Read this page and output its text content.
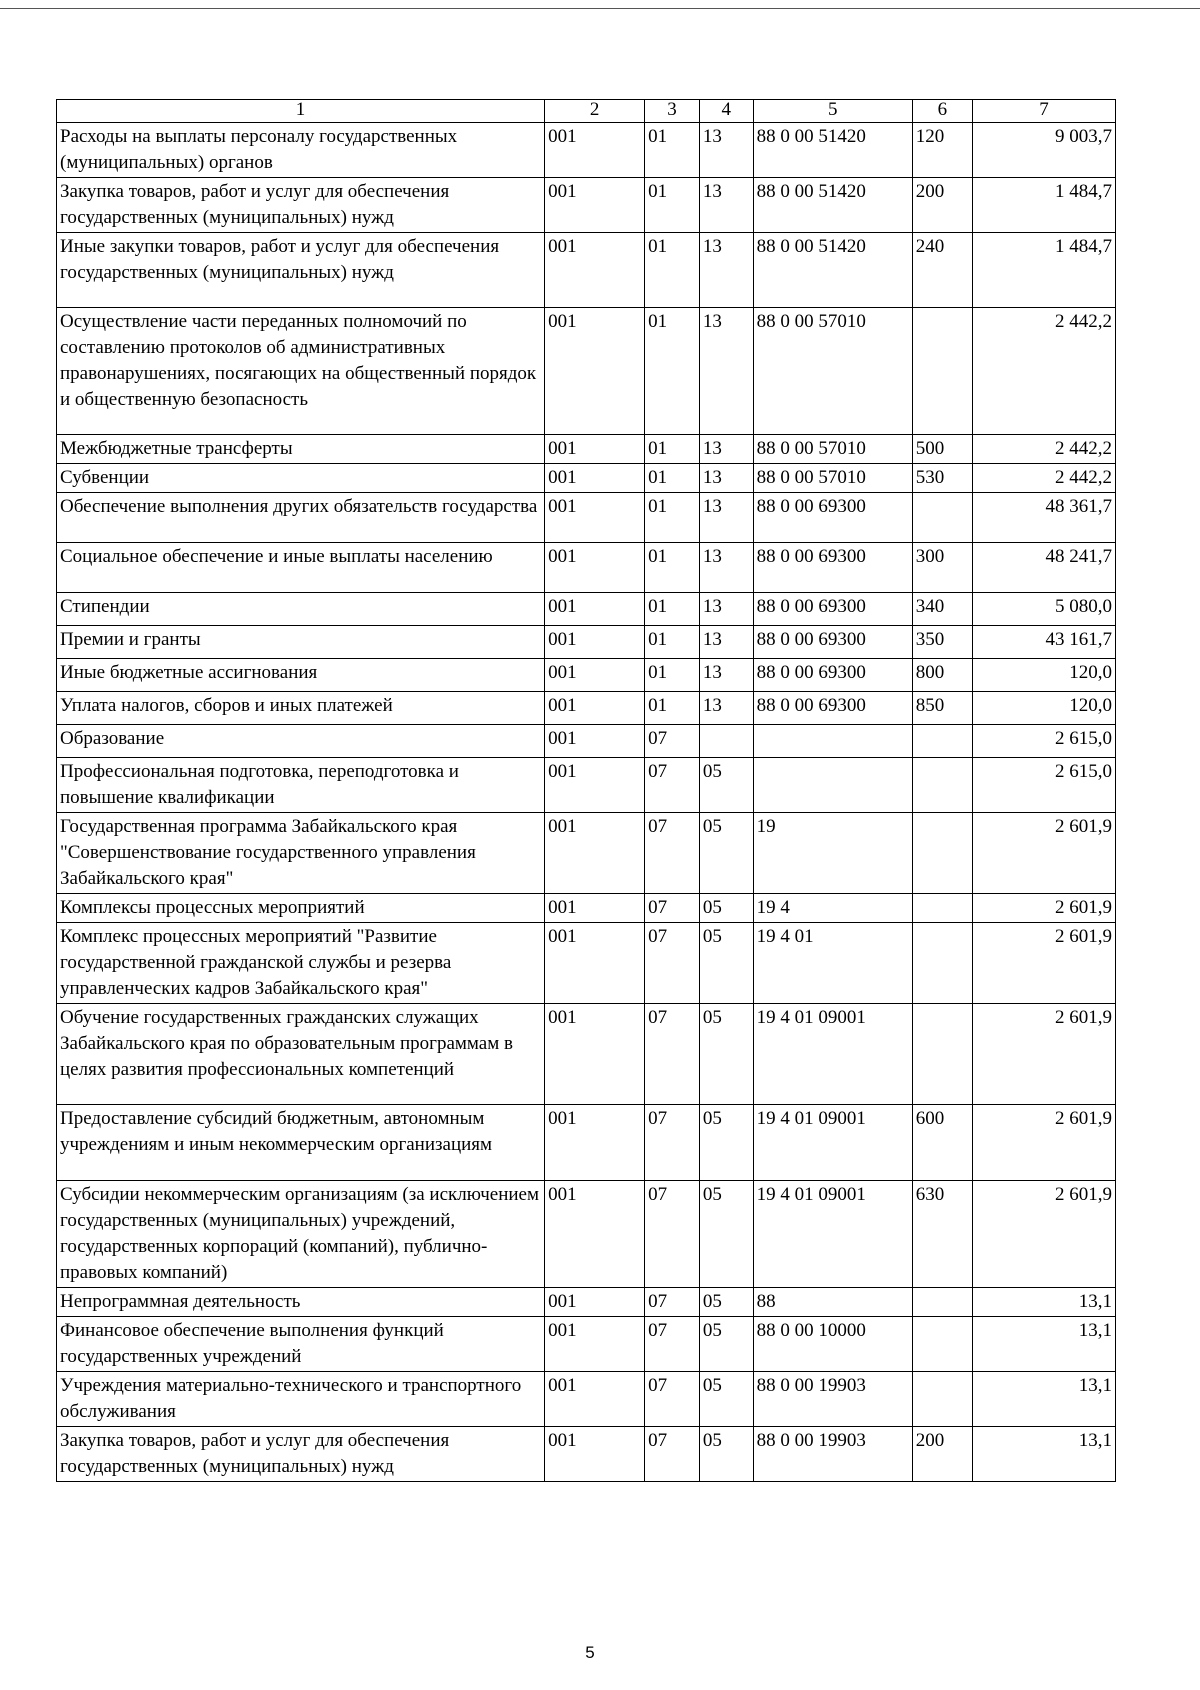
1	2	3	4	5	6	7
Расходы на выплаты персоналу государственных (муниципальных) органов	001	01	13	88 0 00 51420	120	9 003,7
Закупка товаров, работ и услуг для обеспечения государственных (муниципальных) нужд	001	01	13	88 0 00 51420	200	1 484,7
Иные закупки товаров, работ и услуг для обеспечения государственных (муниципальных) нужд	001	01	13	88 0 00 51420	240	1 484,7
Осуществление части переданных полномочий по составлению протоколов об административных правонарушениях, посягающих на общественный порядок и общественную безопасность	001	01	13	88 0 00 57010		2 442,2
Межбюджетные трансферты	001	01	13	88 0 00 57010	500	2 442,2
Субвенции	001	01	13	88 0 00 57010	530	2 442,2
Обеспечение выполнения других обязательств государства	001	01	13	88 0 00 69300		48 361,7
Социальное обеспечение и иные выплаты населению	001	01	13	88 0 00 69300	300	48 241,7
Стипендии	001	01	13	88 0 00 69300	340	5 080,0
Премии и гранты	001	01	13	88 0 00 69300	350	43 161,7
Иные бюджетные ассигнования	001	01	13	88 0 00 69300	800	120,0
Уплата налогов, сборов и иных платежей	001	01	13	88 0 00 69300	850	120,0
Образование	001	07				2 615,0
Профессиональная подготовка, переподготовка и повышение квалификации	001	07	05			2 615,0
Государственная программа Забайкальского края "Совершенствование государственного управления Забайкальского края"	001	07	05	19		2 601,9
Комплексы процессных мероприятий	001	07	05	19 4		2 601,9
Комплекс процессных мероприятий "Развитие государственной гражданской службы и резерва управленческих кадров Забайкальского края"	001	07	05	19 4 01		2 601,9
Обучение государственных гражданских служащих Забайкальского края по образовательным программам в целях развития профессиональных компетенций	001	07	05	19 4 01 09001		2 601,9
Предоставление субсидий бюджетным, автономным учреждениям и иным некоммерческим организациям	001	07	05	19 4 01 09001	600	2 601,9
Субсидии некоммерческим организациям (за исключением государственных (муниципальных) учреждений, государственных корпораций (компаний), публично-правовых компаний)	001	07	05	19 4 01 09001	630	2 601,9
Непрограммная деятельность	001	07	05	88		13,1
Финансовое обеспечение выполнения функций государственных учреждений	001	07	05	88 0 00 10000		13,1
Учреждения материально-технического и транспортного обслуживания	001	07	05	88 0 00 19903		13,1
Закупка товаров, работ и услуг для обеспечения государственных (муниципальных) нужд	001	07	05	88 0 00 19903	200	13,1
5
